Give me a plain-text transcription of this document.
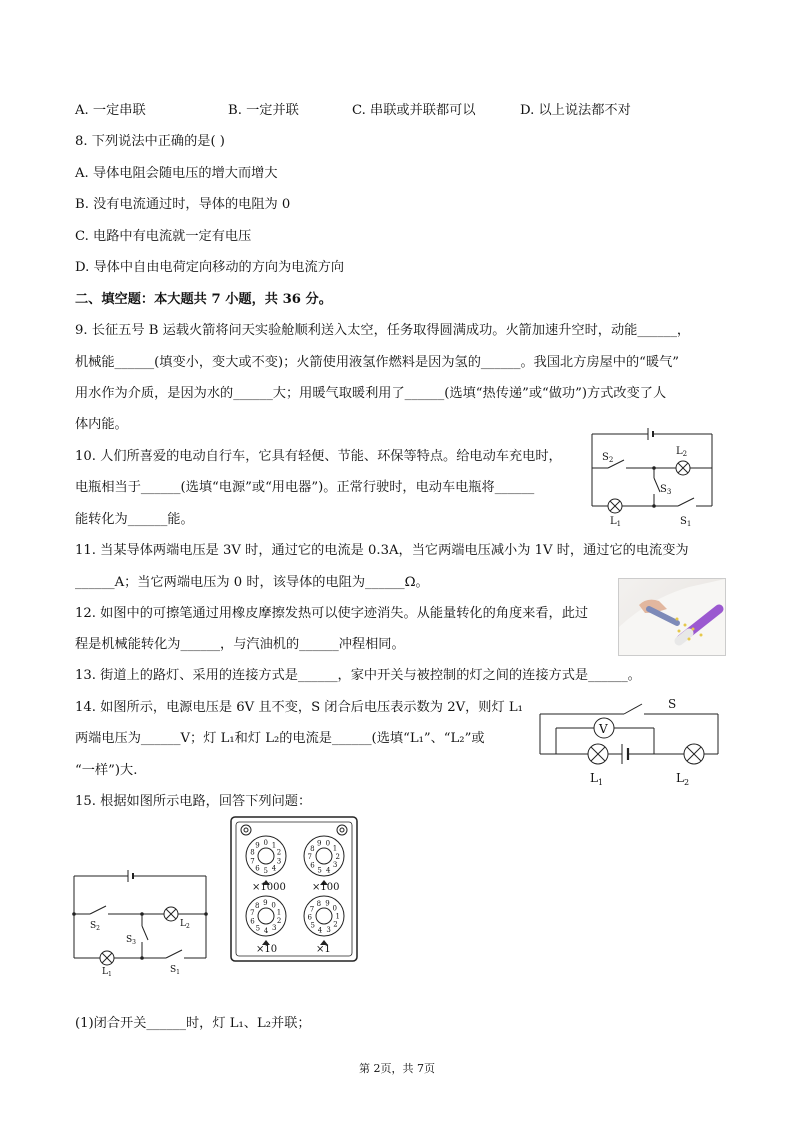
A. 一定串联	B. 一定并联	C. 串联或并联都可以	D. 以上说法都不对
8. 下列说法中正确的是( )
A. 导体电阻会随电压的增大而增大
B. 没有电流通过时，导体的电阻为 0
C. 电路中有电流就一定有电压
D. 导体中自由电荷定向移动的方向为电流方向
二、填空题：本大题共 7 小题，共 36 分。
9. 长征五号 B 运载火箭将问天实验舱顺利送入太空，任务取得圆满成功。火箭加速升空时，动能______，
机械能______(填变小，变大或不变)；火箭使用液氢作燃料是因为氢的______。我国北方房屋中的“暖气”
用水作为介质，是因为水的______大；用暖气取暖利用了______(选填“热传递”或“做功”)方式改变了人
体内能。
10. 人们所喜爱的电动自行车，它具有轻便、节能、环保等特点。给电动车充电时，
电瓶相当于______(选填“电源”或“用电器”)。正常行驶时，电动车电瓶将______
能转化为______能。
$S_2$
$L_2$
$S_3$
$L_1$	$S_1$
11. 当某导体两端电压是 3V 时，通过它的电流是 0.3A，当它两端电压减小为 1V 时，通过它的电流变为
______A；当它两端电压为 0 时，该导体的电阻为______Ω。
12. 如图中的可擦笔通过用橡皮摩擦发热可以使字迹消失。从能量转化的角度来看，此过
程是机械能转化为______，与汽油机的______冲程相同。
13. 街道上的路灯、采用的连接方式是______，家中开关与被控制的灯之间的连接方式是______。
14. 如图所示，电源电压是 6V 且不变，S 闭合后电压表示数为 2V，则灯 L₁
两端电压为______V；灯 L₁和灯 L₂的电流是______(选填“L₁”、“L₂”或
“一样”)大.
V
S
$L_1$	$L_2$
15. 根据如图所示电路，回答下列问题：
$S_2$	$L_2$
$S_3$
$L_1$	$S_1$
0 1
2
3
4
5
6
7
8
9	0
1
2
3
4
5
6
7
8
9
0
1
2
3
4
5
6
7
8 9
0
1
2
3
4
5
6
7
8 9
×1000	×100
×10	×1
(1)闭合开关______时，灯 L₁、L₂并联；
第 2页，共 7页
